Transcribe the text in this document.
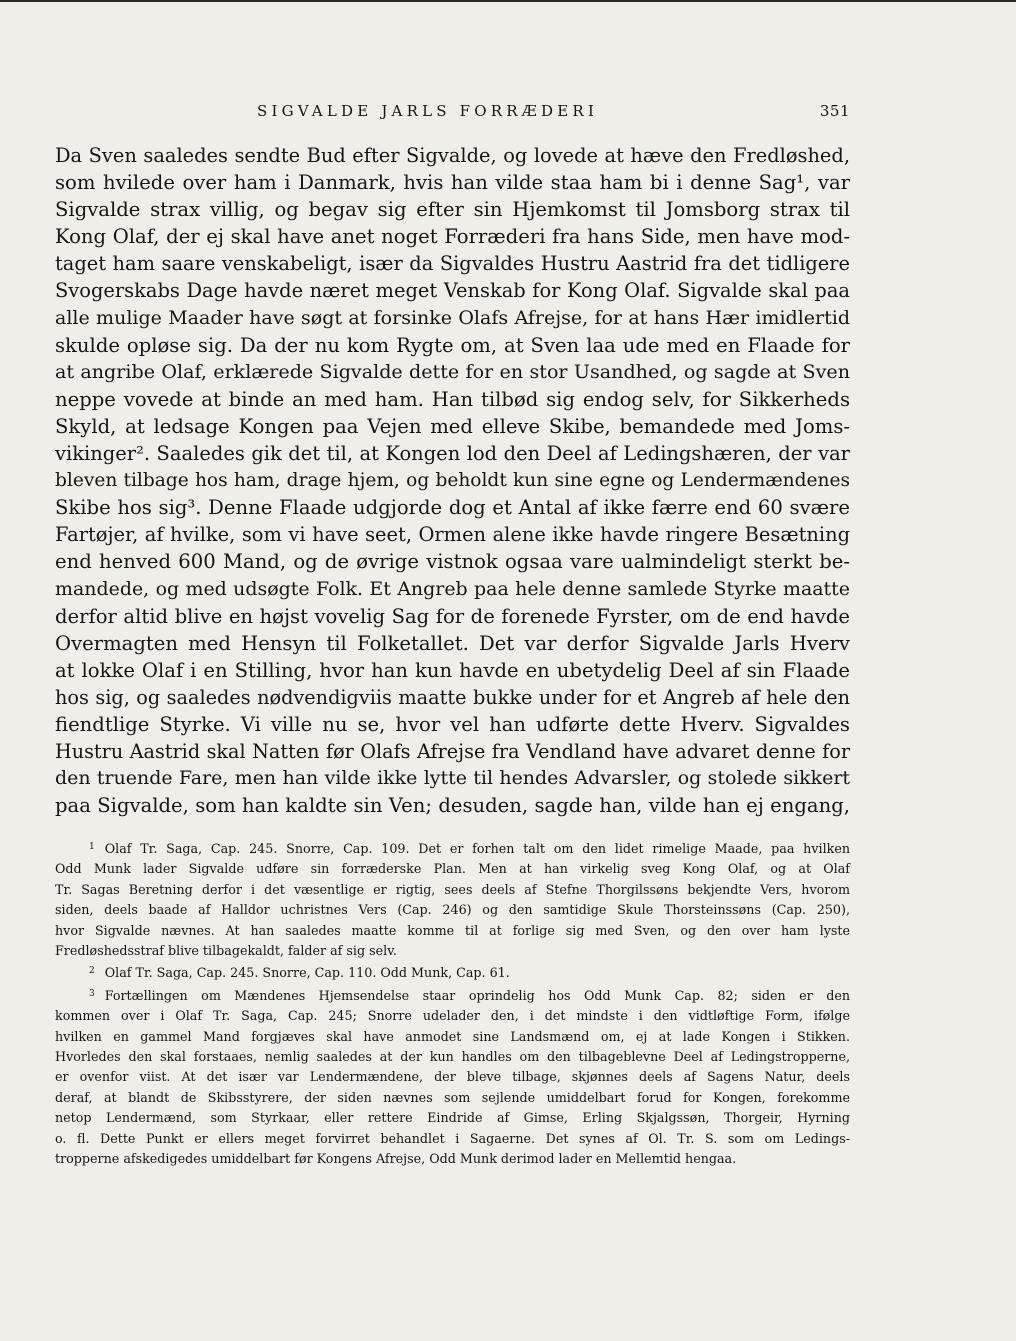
SIGVALDE JARLS FORRÆDERI	351
Da Sven saaledes sendte Bud efter Sigvalde, og lovede at hæve den Fredløshed,
som hvilede over ham i Danmark, hvis han vilde staa ham bi i denne Sag¹, var
Sigvalde strax villig, og begav sig efter sin Hjemkomst til Jomsborg strax til
Kong Olaf, der ej skal have anet noget Forræderi fra hans Side, men have mod-
taget ham saare venskabeligt, især da Sigvaldes Hustru Aastrid fra det tidligere
Svogerskabs Dage havde næret meget Venskab for Kong Olaf. Sigvalde skal paa
alle mulige Maader have søgt at forsinke Olafs Afrejse, for at hans Hær imidlertid
skulde opløse sig. Da der nu kom Rygte om, at Sven laa ude med en Flaade for
at angribe Olaf, erklærede Sigvalde dette for en stor Usandhed, og sagde at Sven
neppe vovede at binde an med ham. Han tilbød sig endog selv, for Sikkerheds
Skyld, at ledsage Kongen paa Vejen med elleve Skibe, bemandede med Joms-
vikinger². Saaledes gik det til, at Kongen lod den Deel af Ledingshæren, der var
bleven tilbage hos ham, drage hjem, og beholdt kun sine egne og Lendermændenes
Skibe hos sig³. Denne Flaade udgjorde dog et Antal af ikke færre end 60 svære
Fartøjer, af hvilke, som vi have seet, Ormen alene ikke havde ringere Besætning
end henved 600 Mand, og de øvrige vistnok ogsaa vare ualmindeligt sterkt be-
mandede, og med udsøgte Folk. Et Angreb paa hele denne samlede Styrke maatte
derfor altid blive en højst vovelig Sag for de forenede Fyrster, om de end havde
Overmagten med Hensyn til Folketallet. Det var derfor Sigvalde Jarls Hverv
at lokke Olaf i en Stilling, hvor han kun havde en ubetydelig Deel af sin Flaade
hos sig, og saaledes nødvendigviis maatte bukke under for et Angreb af hele den
fiendtlige Styrke. Vi ville nu se, hvor vel han udførte dette Hverv. Sigvaldes
Hustru Aastrid skal Natten før Olafs Afrejse fra Vendland have advaret denne for
den truende Fare, men han vilde ikke lytte til hendes Advarsler, og stolede sikkert
paa Sigvalde, som han kaldte sin Ven; desuden, sagde han, vilde han ej engang,
$^1$ Olaf Tr. Saga, Cap. 245. Snorre, Cap. 109. Det er forhen talt om den lidet rimelige Maade, paa hvilken
Odd Munk lader Sigvalde udføre sin forræderske Plan. Men at han virkelig sveg Kong Olaf, og at Olaf
Tr. Sagas Beretning derfor i det væsentlige er rigtig, sees deels af Stefne Thorgilssøns bekjendte Vers, hvorom
siden, deels baade af Halldor uchristnes Vers (Cap. 246) og den samtidige Skule Thorsteinssøns (Cap. 250),
hvor Sigvalde nævnes. At han saaledes maatte komme til at forlige sig med Sven, og den over ham lyste
Fredløshedsstraf blive tilbagekaldt, falder af sig selv.
$^2$ Olaf Tr. Saga, Cap. 245. Snorre, Cap. 110. Odd Munk, Cap. 61.
$^3$ Fortællingen om Mændenes Hjemsendelse staar oprindelig hos Odd Munk Cap. 82; siden er den
kommen over i Olaf Tr. Saga, Cap. 245; Snorre udelader den, i det mindste i den vidtløftige Form, ifølge
hvilken en gammel Mand forgjæves skal have anmodet sine Landsmænd om, ej at lade Kongen i Stikken.
Hvorledes den skal forstaaes, nemlig saaledes at der kun handles om den tilbageblevne Deel af Ledingstropperne,
er ovenfor viist. At det især var Lendermændene, der bleve tilbage, skjønnes deels af Sagens Natur, deels
deraf, at blandt de Skibsstyrere, der siden nævnes som sejlende umiddelbart forud for Kongen, forekomme
netop Lendermænd, som Styrkaar, eller rettere Eindride af Gimse, Erling Skjalgssøn, Thorgeir, Hyrning
o. fl. Dette Punkt er ellers meget forvirret behandlet i Sagaerne. Det synes af Ol. Tr. S. som om Ledings-
tropperne afskedigedes umiddelbart før Kongens Afrejse, Odd Munk derimod lader en Mellemtid hengaa.
